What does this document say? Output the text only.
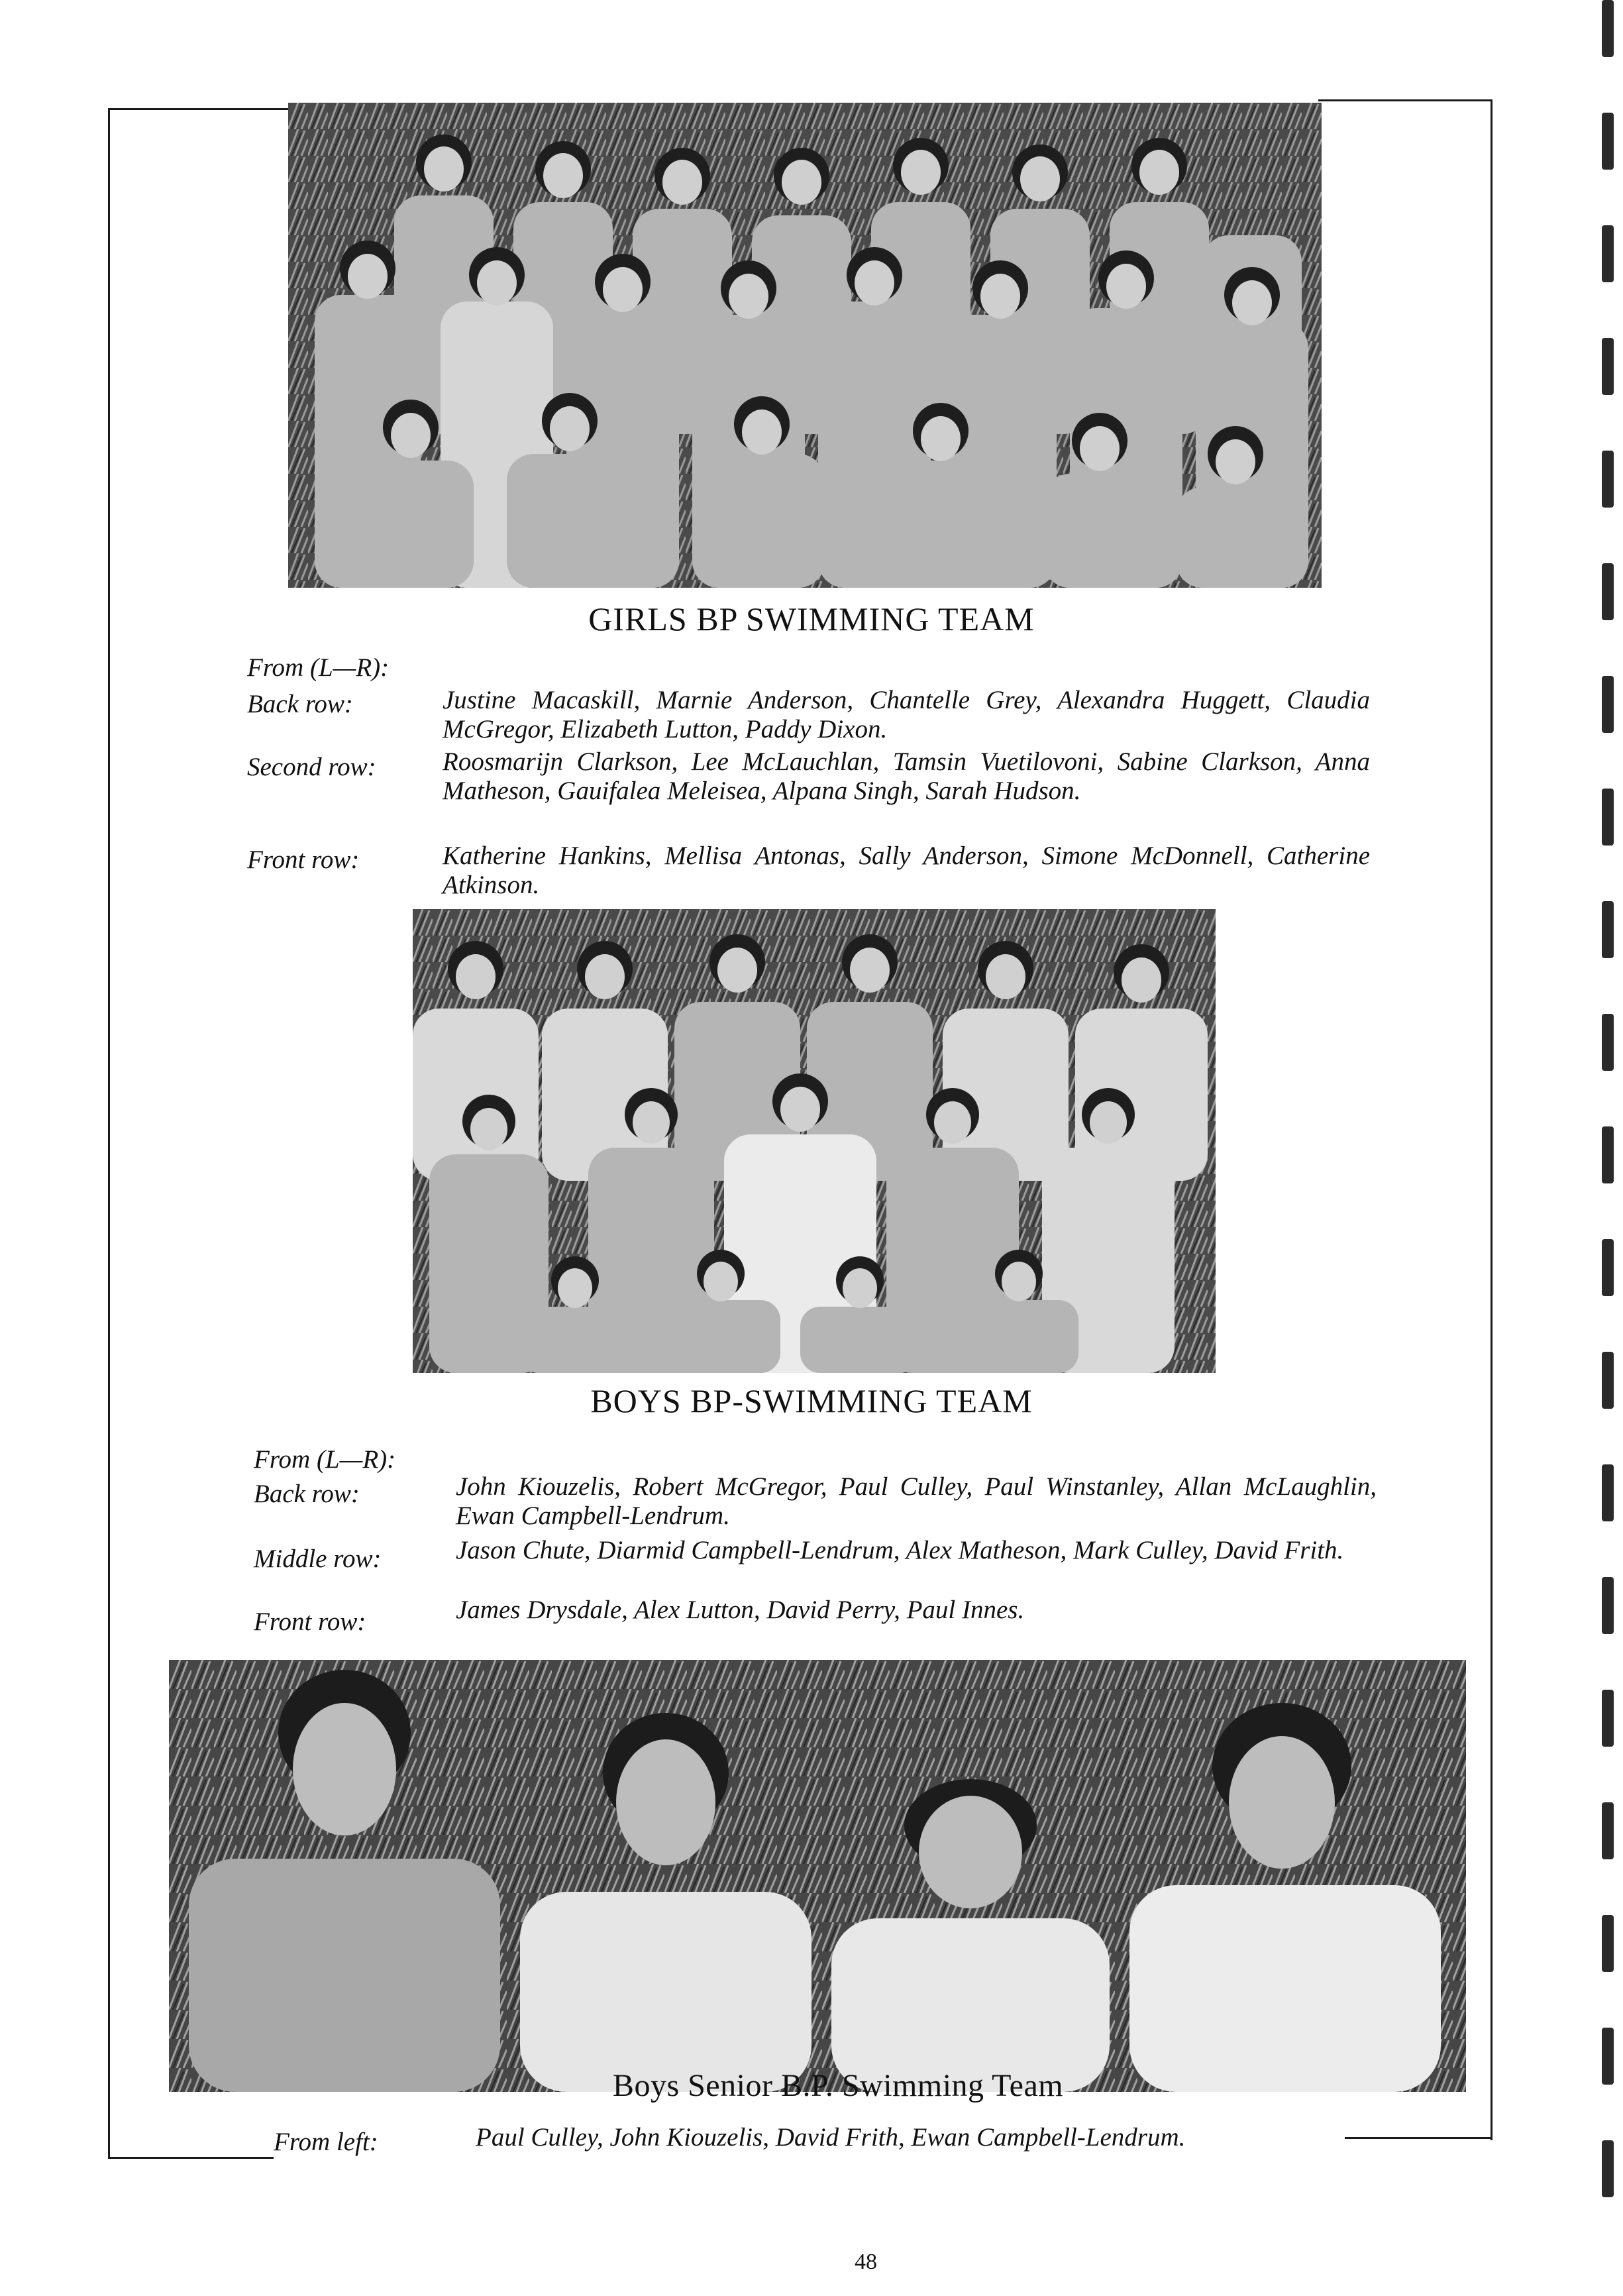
GIRLS BP SWIMMING TEAM
From (L—R):
Back row:	Justine Macaskill, Marnie Anderson, Chantelle Grey, Alexandra Huggett, Claudia McGregor, Elizabeth Lutton, Paddy Dixon.
Second row:	Roosmarijn Clarkson, Lee McLauchlan, Tamsin Vuetilovoni, Sabine Clarkson, Anna Matheson, Gauifalea Meleisea, Alpana Singh, Sarah Hudson.
Front row:	Katherine Hankins, Mellisa Antonas, Sally Anderson, Simone McDonnell, Catherine Atkinson.
BOYS BP-SWIMMING TEAM
From (L—R):
Back row:	John Kiouzelis, Robert McGregor, Paul Culley, Paul Winstanley, Allan McLaughlin, Ewan Campbell-Lendrum.
Middle row:	Jason Chute, Diarmid Campbell-Lendrum, Alex Matheson, Mark Culley, David Frith.
Front row:	James Drysdale, Alex Lutton, David Perry, Paul Innes.
Boys Senior B.P. Swimming Team
From left:	Paul Culley, John Kiouzelis, David Frith, Ewan Campbell-Lendrum.
48
